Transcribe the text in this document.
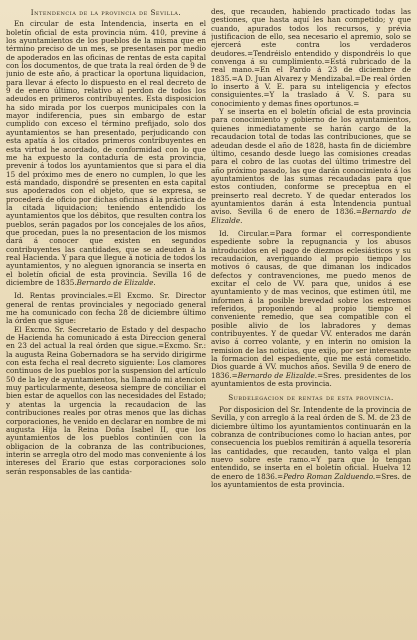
Intendencia de la provincia de Sevilla.

En circular de esta Intendencia, inserta en el boletín oficial de esta provincia núm. 410, previne á los ayuntamientos de los pueblos de la misma que en término preciso de un mes, se presentasen por medio de apoderados en las oficinas de rentas de esta capital con los documentos, de que trata la real órden de 9 de junio de este año, á practicar la oportuna liquidacion, para llevar á efecto lo dispuesto en el real decreto de 9 de enero último, relativo al perdon de todos los adeudos en primeros contribuyentes. Esta disposicion ha sido mirada por los cuerpos municipales con la mayor indiferencia, pues sin embargo de estar cumplido con exceso el término prefijado, solo dos ayuntamientos se han presentado, perjudicando con esta apatía á los citados primeros contribuyentes en esta virtud he acordado, de conformidad con lo que me ha expuesto la contaduría de esta provincia, prevenir á todos los ayuntamientos que si para el dia 15 del próximo mes de enero no cumplen, lo que les está mandado, dispondré se presenten en esta capital sus apoderados con el objeto, que se expresa, se procederá de oficio por dichas oficinas á la práctica de la citada liquidacion; teniendo entendido los ayuntamientos que los débitos, que resulten contra los pueblos, serán pagados por los concejales de los años, que procedan, pues la no presentacion de los mismos dará á conocer que existen en segundos contribuyentes las cantidades, que se adeuden á la real Hacienda. Y para que llegue á noticia de todos los ayuntamientos, y no aleguen ignorancia se inserta en el boletín oficial de esta provincia. Sevilla 16 de diciembre de 1835.Bernardo de Elizalde.

Id. Rentas provinciales.=El Excmo. Sr. Director general de rentas provinciales y negociado general me ha comunicado con fecha 28 de diciembre último la órden que sigue:

El Excmo. Sr. Secretario de Estado y del despacho de Hacienda ha comunicado á esta Direccion general en 23 del actual la real órden que sigue.=Excmo. Sr.: la augusta Reina Gobernadora se ha servido dirigirme con esta fecha el real decreto siguiente: Los clamores continuos de los pueblos por la suspension del artículo 50 de la ley de ayuntamientos, ha llamado mi atencion muy particularmente, deseosa siempre de conciliar el bien estar de aquellos con las necesidades del Estado; y atentas la urgencia la recaudacion de las contribuciones reales por otras menos que las dichas corporaciones, he venido en declarar en nombre de mi augusta Hija la Reina Doña Isabel II, que los ayuntamientos de los pueblos continúen con la obligacion de la cobranza de las contribuciones, interin se arregla otro del modo mas conveniente á los intereses del Erario que estas corporaciones solo serán responsables de las cantida-

des, que recauden, habiendo practicado todas las gestiones, que hasta aquí les han competido; y que cuando, apurados todos los recursos, y prévia justificacion de ello, sea necesario el apremio, solo se ejercerá este contra los verdaderos deudores.=Tendréislo entendido y dispondréis lo que convenga á su cumplimiento.=Está rubricado de la real mano.=En el Pardo á 23 de diciembre de 1835.=A D. Juan Alvarez y Mendizabal.=De real órden lo inserto á V. E. para su inteligencia y efectos consiguientes.=Y la traslado á V. S. para su conocimiento y demas fines oportunos.=

Y se inserta en el boletín oficial de esta provincia para conocimiento y gobierno de los ayuntamientos, quienes inmediatamente se harán cargo de la recaudacion total de todas las contribuciones, que se adeudan desde el año de 1828, hasta fin de diciembre último, cesando desde luego las comisiones creadas para el cobro de las cuotas del último trimestre del año próximo pasado, las que darán conocimiento á los ayuntamientos de las sumas recaudadas para que estos contiuden, conforme se preceptua en el preinserto real decreto. Y de quedar enterados los ayuntamientos darán á esta Intendencia puntual aviso. Sevilla 6 de enero de 1836.=Bernardo de Elizalde.

Id. Circular.=Para formar el correspondiente espediente sobre la repugnancia y los abusos introducidos en el pago de diezmos eclesiásticos y su recaudacion, averiguando al propio tiempo los motivos ó causas, de que dimanan los indicados defectos y contravenciones, me puedo menos de excitar el celo de VV. para que, unidos á ese ayuntamiento y de mas vecinos, que estimen útil, me informen á la posible brevedad sobre los estremos referidos, proponiendo al propio tiempo el conveniente remedio, que sea compatible con el posible alivio de los labradores y demas contribuyentes. Y de quedar VV. enterados me darán aviso á correo volante, y en interin no omision la remision de las noticias, que exijo, por ser interesante la formacion del espediente, que me está cometido. Dios guarde á VV. muchos años. Sevilla 9 de enero de 1836.=Bernardo de Elizalde.=Sres. presidentes de los ayuntamientos de esta provincia.

Subdelegacion de rentas de esta provincia.

Por disposicion del Sr. Intendente de la provincia de Sevilla, y con arreglo á la real órden de S. M. de 23 de diciembre último los ayuntamientos continuarán en la cobranza de contribuciones como lo hacian antes, por consecuencia los pueblos remitirán á aquella tesorería las cantidades, que recauden, tanto valga el plan nuevo sobre este ramo.=Y para que lo tengan entendido, se inserta en el boletín oficial. Huelva 12 de enero de 1836.=Pedro Roman Zalduendo.=Sres. de los ayuntamientos de esta provincia.
